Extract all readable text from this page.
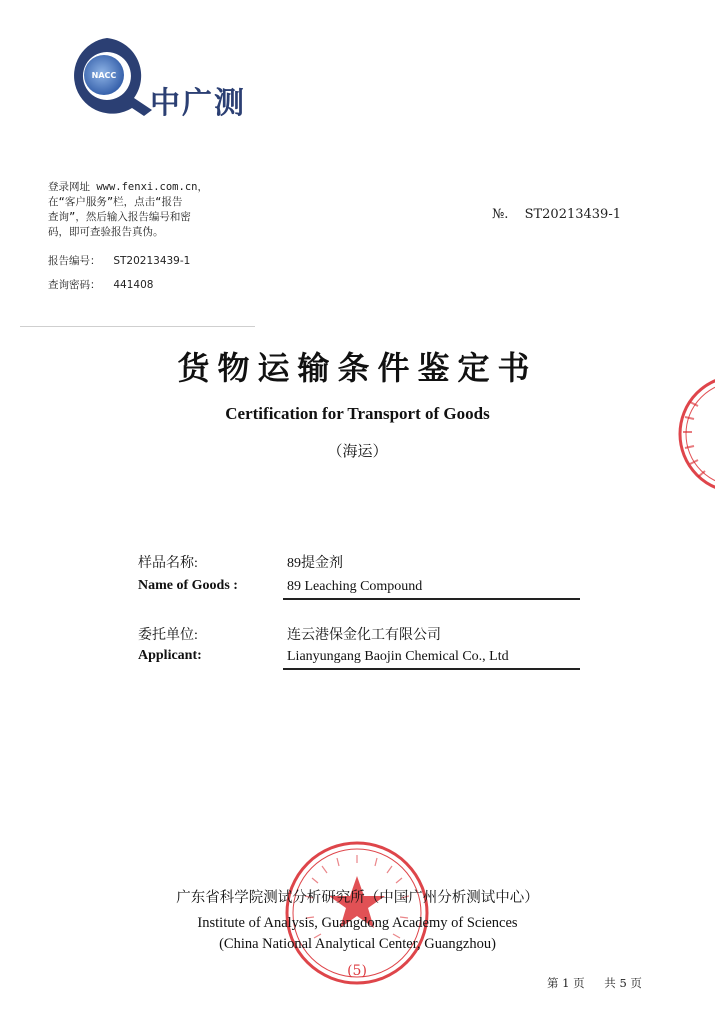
NACC
中广测
登录网址 www.fenxi.com.cn，
在“客户服务”栏，点击“报告
查询”，然后输入报告编号和密
码，即可查验报告真伪。
报告编号： ST20213439-1
查询密码： 441408
№. ST20213439-1
货物运输条件鉴定书
Certification for Transport of Goods
（海运）
样品名称:
Name of Goods :
89提金剂
89 Leaching Compound
委托单位:
Applicant:
连云港保金化工有限公司
Lianyungang Baojin Chemical Co., Ltd
(5)
广东省科学院测试分析研究所（中国广州分析测试中心）
Institute of Analysis, Guangdong Academy of Sciences
(China National Analytical Center, Guangzhou)
第 1 页 共 5 页
